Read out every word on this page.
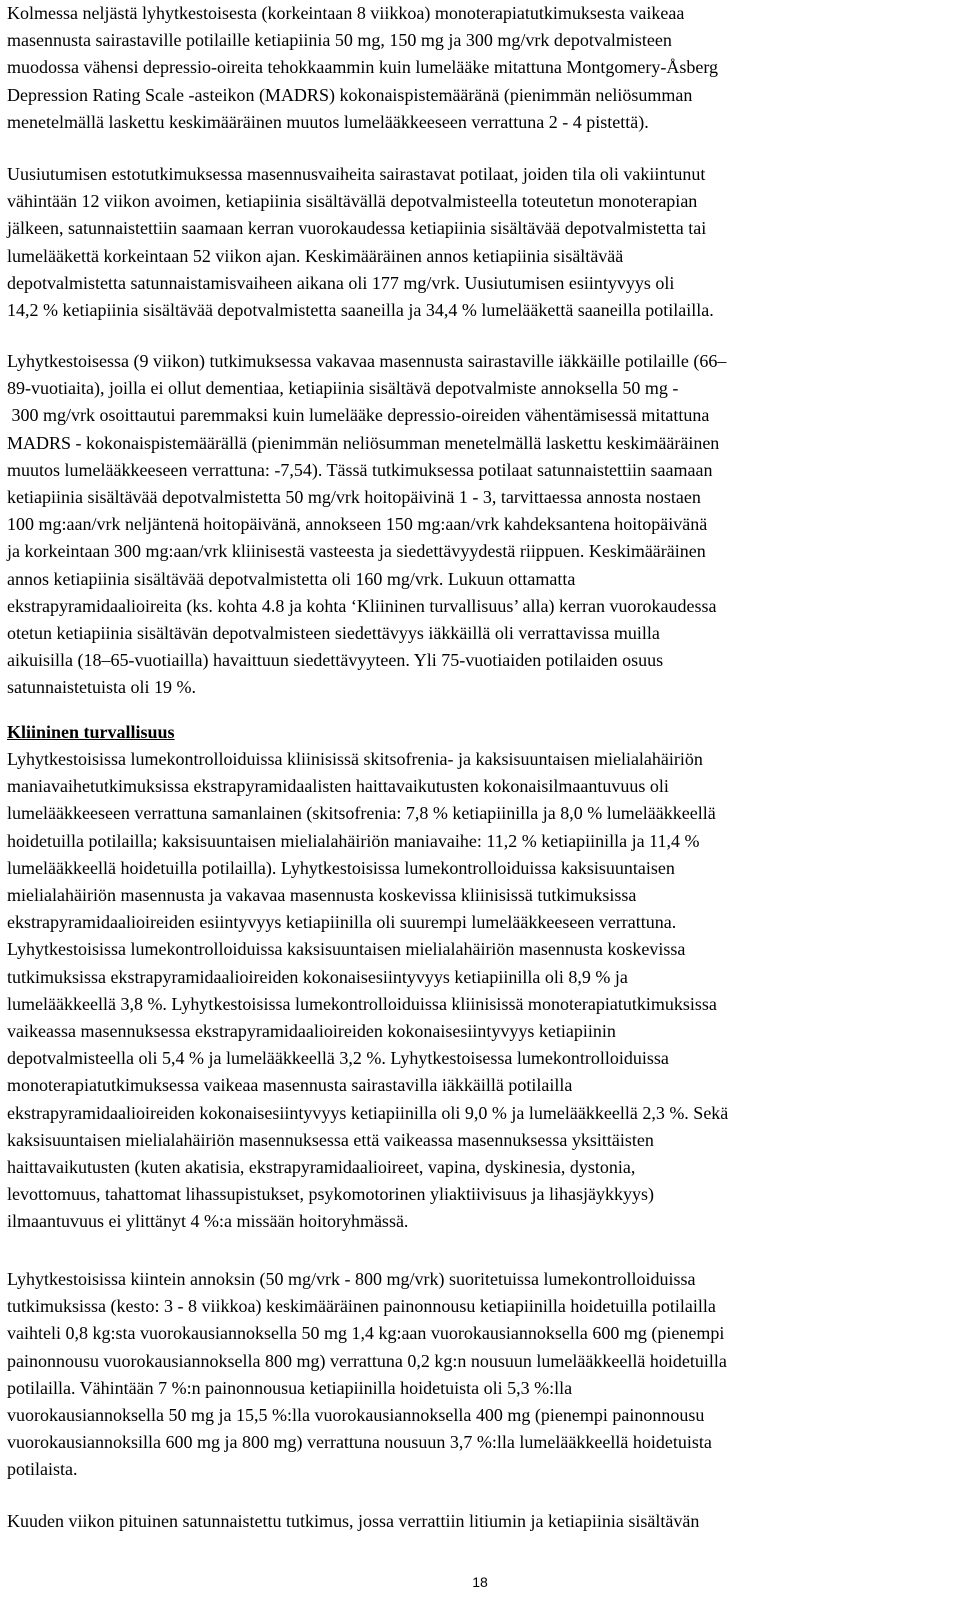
Kolmessa neljästä lyhytkestoisesta (korkeintaan 8 viikkoa) monoterapiatutkimuksesta vaikeaa
masennusta sairastaville potilaille ketiapiinia 50 mg, 150 mg ja 300 mg/vrk depotvalmisteen
muodossa vähensi depressio-oireita tehokkaammin kuin lumelääke mitattuna Montgomery-Åsberg
Depression Rating Scale -asteikon (MADRS) kokonaispistemääränä (pienimmän neliösumman
menetelmällä laskettu keskimääräinen muutos lumelääkkeeseen verrattuna 2 - 4 pistettä).

Uusiutumisen estotutkimuksessa masennusvaiheita sairastavat potilaat, joiden tila oli vakiintunut
vähintään 12 viikon avoimen, ketiapiinia sisältävällä depotvalmisteella toteutetun monoterapian
jälkeen, satunnaistettiin saamaan kerran vuorokaudessa ketiapiinia sisältävää depotvalmistetta tai
lumelääkettä korkeintaan 52 viikon ajan. Keskimääräinen annos ketiapiinia sisältävää
depotvalmistetta satunnaistamisvaiheen aikana oli 177 mg/vrk. Uusiutumisen esiintyvyys oli
14,2 % ketiapiinia sisältävää depotvalmistetta saaneilla ja 34,4 % lumelääkettä saaneilla potilailla.

Lyhytkestoisessa (9 viikon) tutkimuksessa vakavaa masennusta sairastaville iäkkäille potilaille (66–
89-vuotiaita), joilla ei ollut dementiaa, ketiapiinia sisältävä depotvalmiste annoksella 50 mg -
300 mg/vrk osoittautui paremmaksi kuin lumelääke depressio-oireiden vähentämisessä mitattuna
MADRS - kokonaispistemäärällä (pienimmän neliösumman menetelmällä laskettu keskimääräinen
muutos lumelääkkeeseen verrattuna: -7,54). Tässä tutkimuksessa potilaat satunnaistettiin saamaan
ketiapiinia sisältävää depotvalmistetta 50 mg/vrk hoitopäivinä 1 - 3, tarvittaessa annosta nostaen
100 mg:aan/vrk neljäntenä hoitopäivänä, annokseen 150 mg:aan/vrk kahdeksantena hoitopäivänä
ja korkeintaan 300 mg:aan/vrk kliinisestä vasteesta ja siedettävyydestä riippuen. Keskimääräinen
annos ketiapiinia sisältävää depotvalmistetta oli 160 mg/vrk. Lukuun ottamatta
ekstrapyramidaalioireita (ks. kohta 4.8 ja kohta ‘Kliininen turvallisuus’ alla) kerran vuorokaudessa
otetun ketiapiinia sisältävän depotvalmisteen siedettävyys iäkkäillä oli verrattavissa muilla
aikuisilla (18–65-vuotiailla) havaittuun siedettävyyteen. Yli 75-vuotiaiden potilaiden osuus
satunnaistetuista oli 19 %.

Kliininen turvallisuus

Lyhytkestoisissa lumekontrolloiduissa kliinisissä skitsofrenia- ja kaksisuuntaisen mielialahäiriön
maniavaihetutkimuksissa ekstrapyramidaalisten haittavaikutusten kokonaisilmaantuvuus oli
lumelääkkeeseen verrattuna samanlainen (skitsofrenia: 7,8 % ketiapiinilla ja 8,0 % lumelääkkeellä
hoidetuilla potilailla; kaksisuuntaisen mielialahäiriön maniavaihe: 11,2 % ketiapiinilla ja 11,4 %
lumelääkkeellä hoidetuilla potilailla). Lyhytkestoisissa lumekontrolloiduissa kaksisuuntaisen
mielialahäiriön masennusta ja vakavaa masennusta koskevissa kliinisissä tutkimuksissa
ekstrapyramidaalioireiden esiintyvyys ketiapiinilla oli suurempi lumelääkkeeseen verrattuna.
Lyhytkestoisissa lumekontrolloiduissa kaksisuuntaisen mielialahäiriön masennusta koskevissa
tutkimuksissa ekstrapyramidaalioireiden kokonaisesiintyvyys ketiapiinilla oli 8,9 % ja
lumelääkkeellä 3,8 %. Lyhytkestoisissa lumekontrolloiduissa kliinisissä monoterapiatutkimuksissa
vaikeassa masennuksessa ekstrapyramidaalioireiden kokonaisesiintyvyys ketiapiinin
depotvalmisteella oli 5,4 % ja lumelääkkeellä 3,2 %. Lyhytkestoisessa lumekontrolloiduissa
monoterapiatutkimuksessa vaikeaa masennusta sairastavilla iäkkäillä potilailla
ekstrapyramidaalioireiden kokonaisesiintyvyys ketiapiinilla oli 9,0 % ja lumelääkkeellä 2,3 %. Sekä
kaksisuuntaisen mielialahäiriön masennuksessa että vaikeassa masennuksessa yksittäisten
haittavaikutusten (kuten akatisia, ekstrapyramidaalioireet, vapina, dyskinesia, dystonia,
levottomuus, tahattomat lihassupistukset, psykomotorinen yliaktiivisuus ja lihasjäykkyys)
ilmaantuvuus ei ylittänyt 4 %:a missään hoitoryhmässä.

Lyhytkestoisissa kiintein annoksin (50 mg/vrk - 800 mg/vrk) suoritetuissa lumekontrolloiduissa
tutkimuksissa (kesto: 3 - 8 viikkoa) keskimääräinen painonnousu ketiapiinilla hoidetuilla potilailla
vaihteli 0,8 kg:sta vuorokausiannoksella 50 mg 1,4 kg:aan vuorokausiannoksella 600 mg (pienempi
painonnousu vuorokausiannoksella 800 mg) verrattuna 0,2 kg:n nousuun lumelääkkeellä hoidetuilla
potilailla. Vähintään 7 %:n painonnousua ketiapiinilla hoidetuista oli 5,3 %:lla
vuorokausiannoksella 50 mg ja 15,5 %:lla vuorokausiannoksella 400 mg (pienempi painonnousu
vuorokausiannoksilla 600 mg ja 800 mg) verrattuna nousuun 3,7 %:lla lumelääkkeellä hoidetuista
potilaista.

Kuuden viikon pituinen satunnaistettu tutkimus, jossa verrattiin litiumin ja ketiapiinia sisältävän

18
